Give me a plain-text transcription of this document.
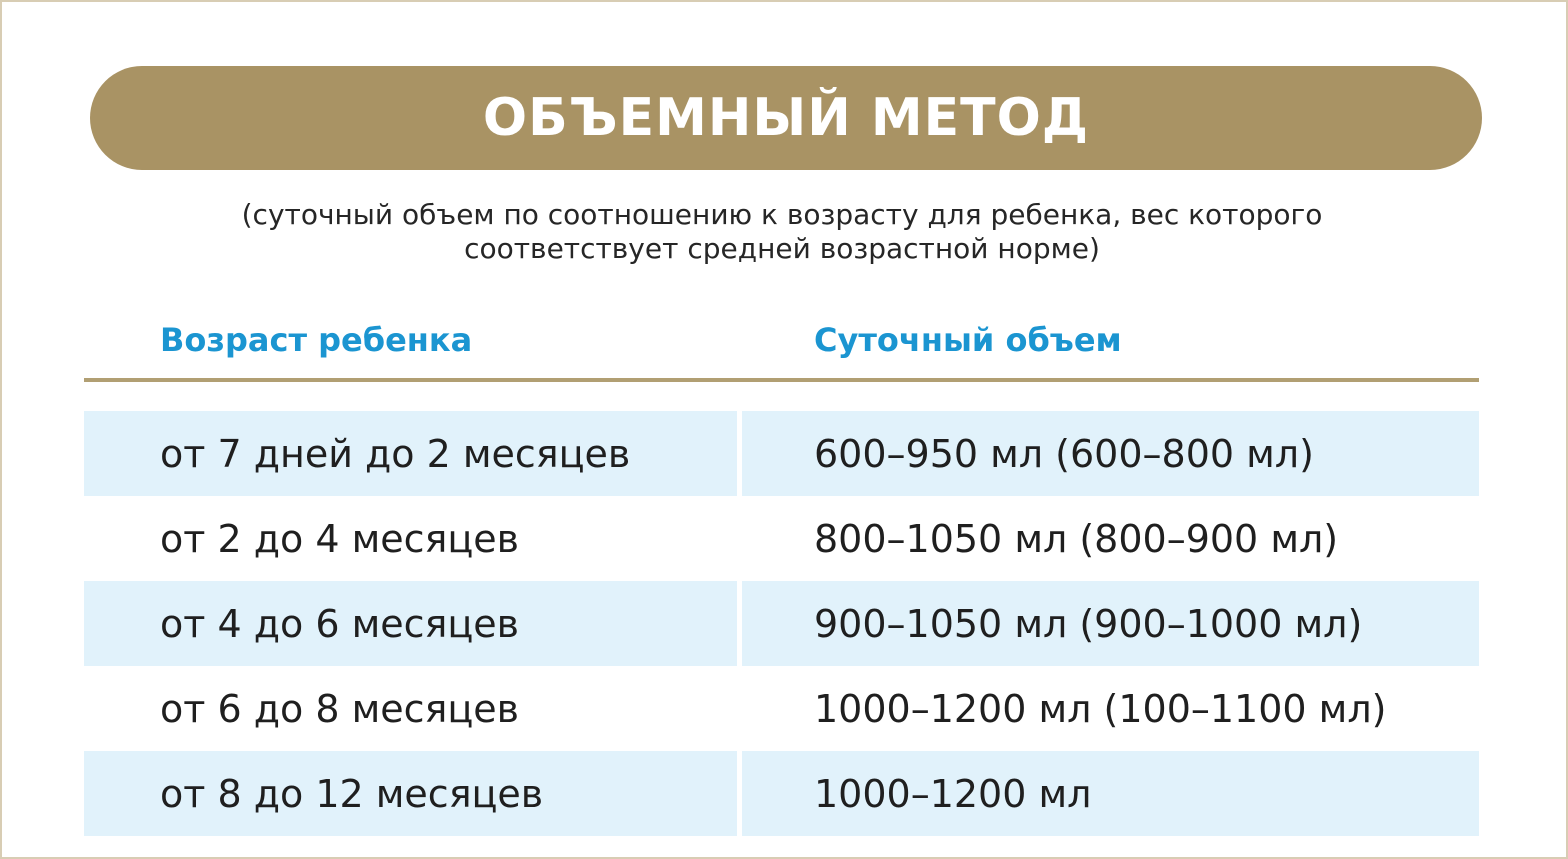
ОБЪЕМНЫЙ МЕТОД
(суточный объем по соотношению к возрасту для ребенка, вес которого
соответствует средней возрастной норме)
Возраст ребенка	Суточный объем
от 7 дней до 2 месяцев	600–950 мл (600–800 мл)
от 2 до 4 месяцев	800–1050 мл (800–900 мл)
от 4 до 6 месяцев	900–1050 мл (900–1000 мл)
от 6 до 8 месяцев	1000–1200 мл (100–1100 мл)
от 8 до 12 месяцев	1000–1200 мл
